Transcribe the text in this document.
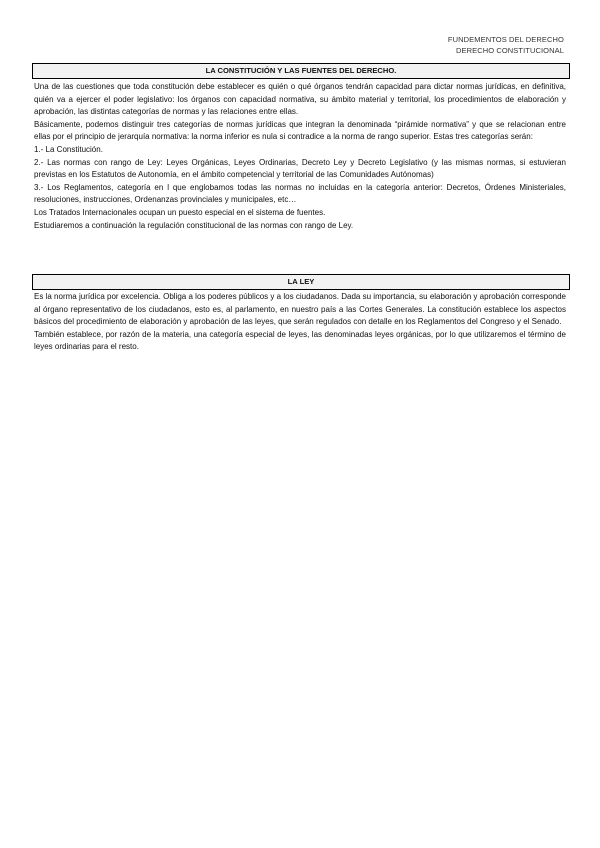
FUNDEMENTOS DEL DERECHO
DERECHO CONSTITUCIONAL
LA CONSTITUCIÓN Y LAS FUENTES DEL DERECHO.

Una de las cuestiones que toda constitución debe establecer es quién o qué órganos tendrán capacidad para dictar normas jurídicas, en definitiva, quién va a ejercer el poder legislativo: los órganos con capacidad normativa, su ámbito material y territorial, los procedimientos de elaboración y aprobación, las distintas categorías de normas y las relaciones entre ellas.

Básicamente, podemos distinguir tres categorías de normas jurídicas que integran la denominada “pirámide normativa” y que se relacionan entre ellas por el principio de jerarquía normativa: la norma inferior es nula si contradice a la norma de rango superior. Estas tres categorías serán:

1.- La Constitución.

2.- Las normas con rango de Ley: Leyes Orgánicas, Leyes Ordinarias, Decreto Ley y Decreto Legislativo (y las mismas normas, si estuvieran previstas en los Estatutos de Autonomía, en el ámbito competencial y territorial de las Comunidades Autónomas)

3.- Los Reglamentos, categoría en l que englobamos todas las normas no incluidas en la categoría anterior: Decretos, Órdenes Ministeriales, resoluciones, instrucciones, Ordenanzas provinciales y municipales, etc…

Los Tratados Internacionales ocupan un puesto especial en el sistema de fuentes.

Estudiaremos a continuación la regulación constitucional de las normas con rango de Ley.

LA LEY

Es la norma jurídica por excelencia. Obliga a los poderes públicos y a los ciudadanos. Dada su importancia, su elaboración y aprobación corresponde al órgano representativo de los ciudadanos, esto es, al parlamento, en nuestro país a las Cortes Generales. La constitución establece los aspectos básicos del procedimiento de elaboración y aprobación de las leyes, que serán regulados con detalle en los Reglamentos del Congreso y el Senado.

También establece, por razón de la materia, una categoría especial de leyes, las denominadas leyes orgánicas, por lo que utilizaremos el término de leyes ordinarias para el resto.
